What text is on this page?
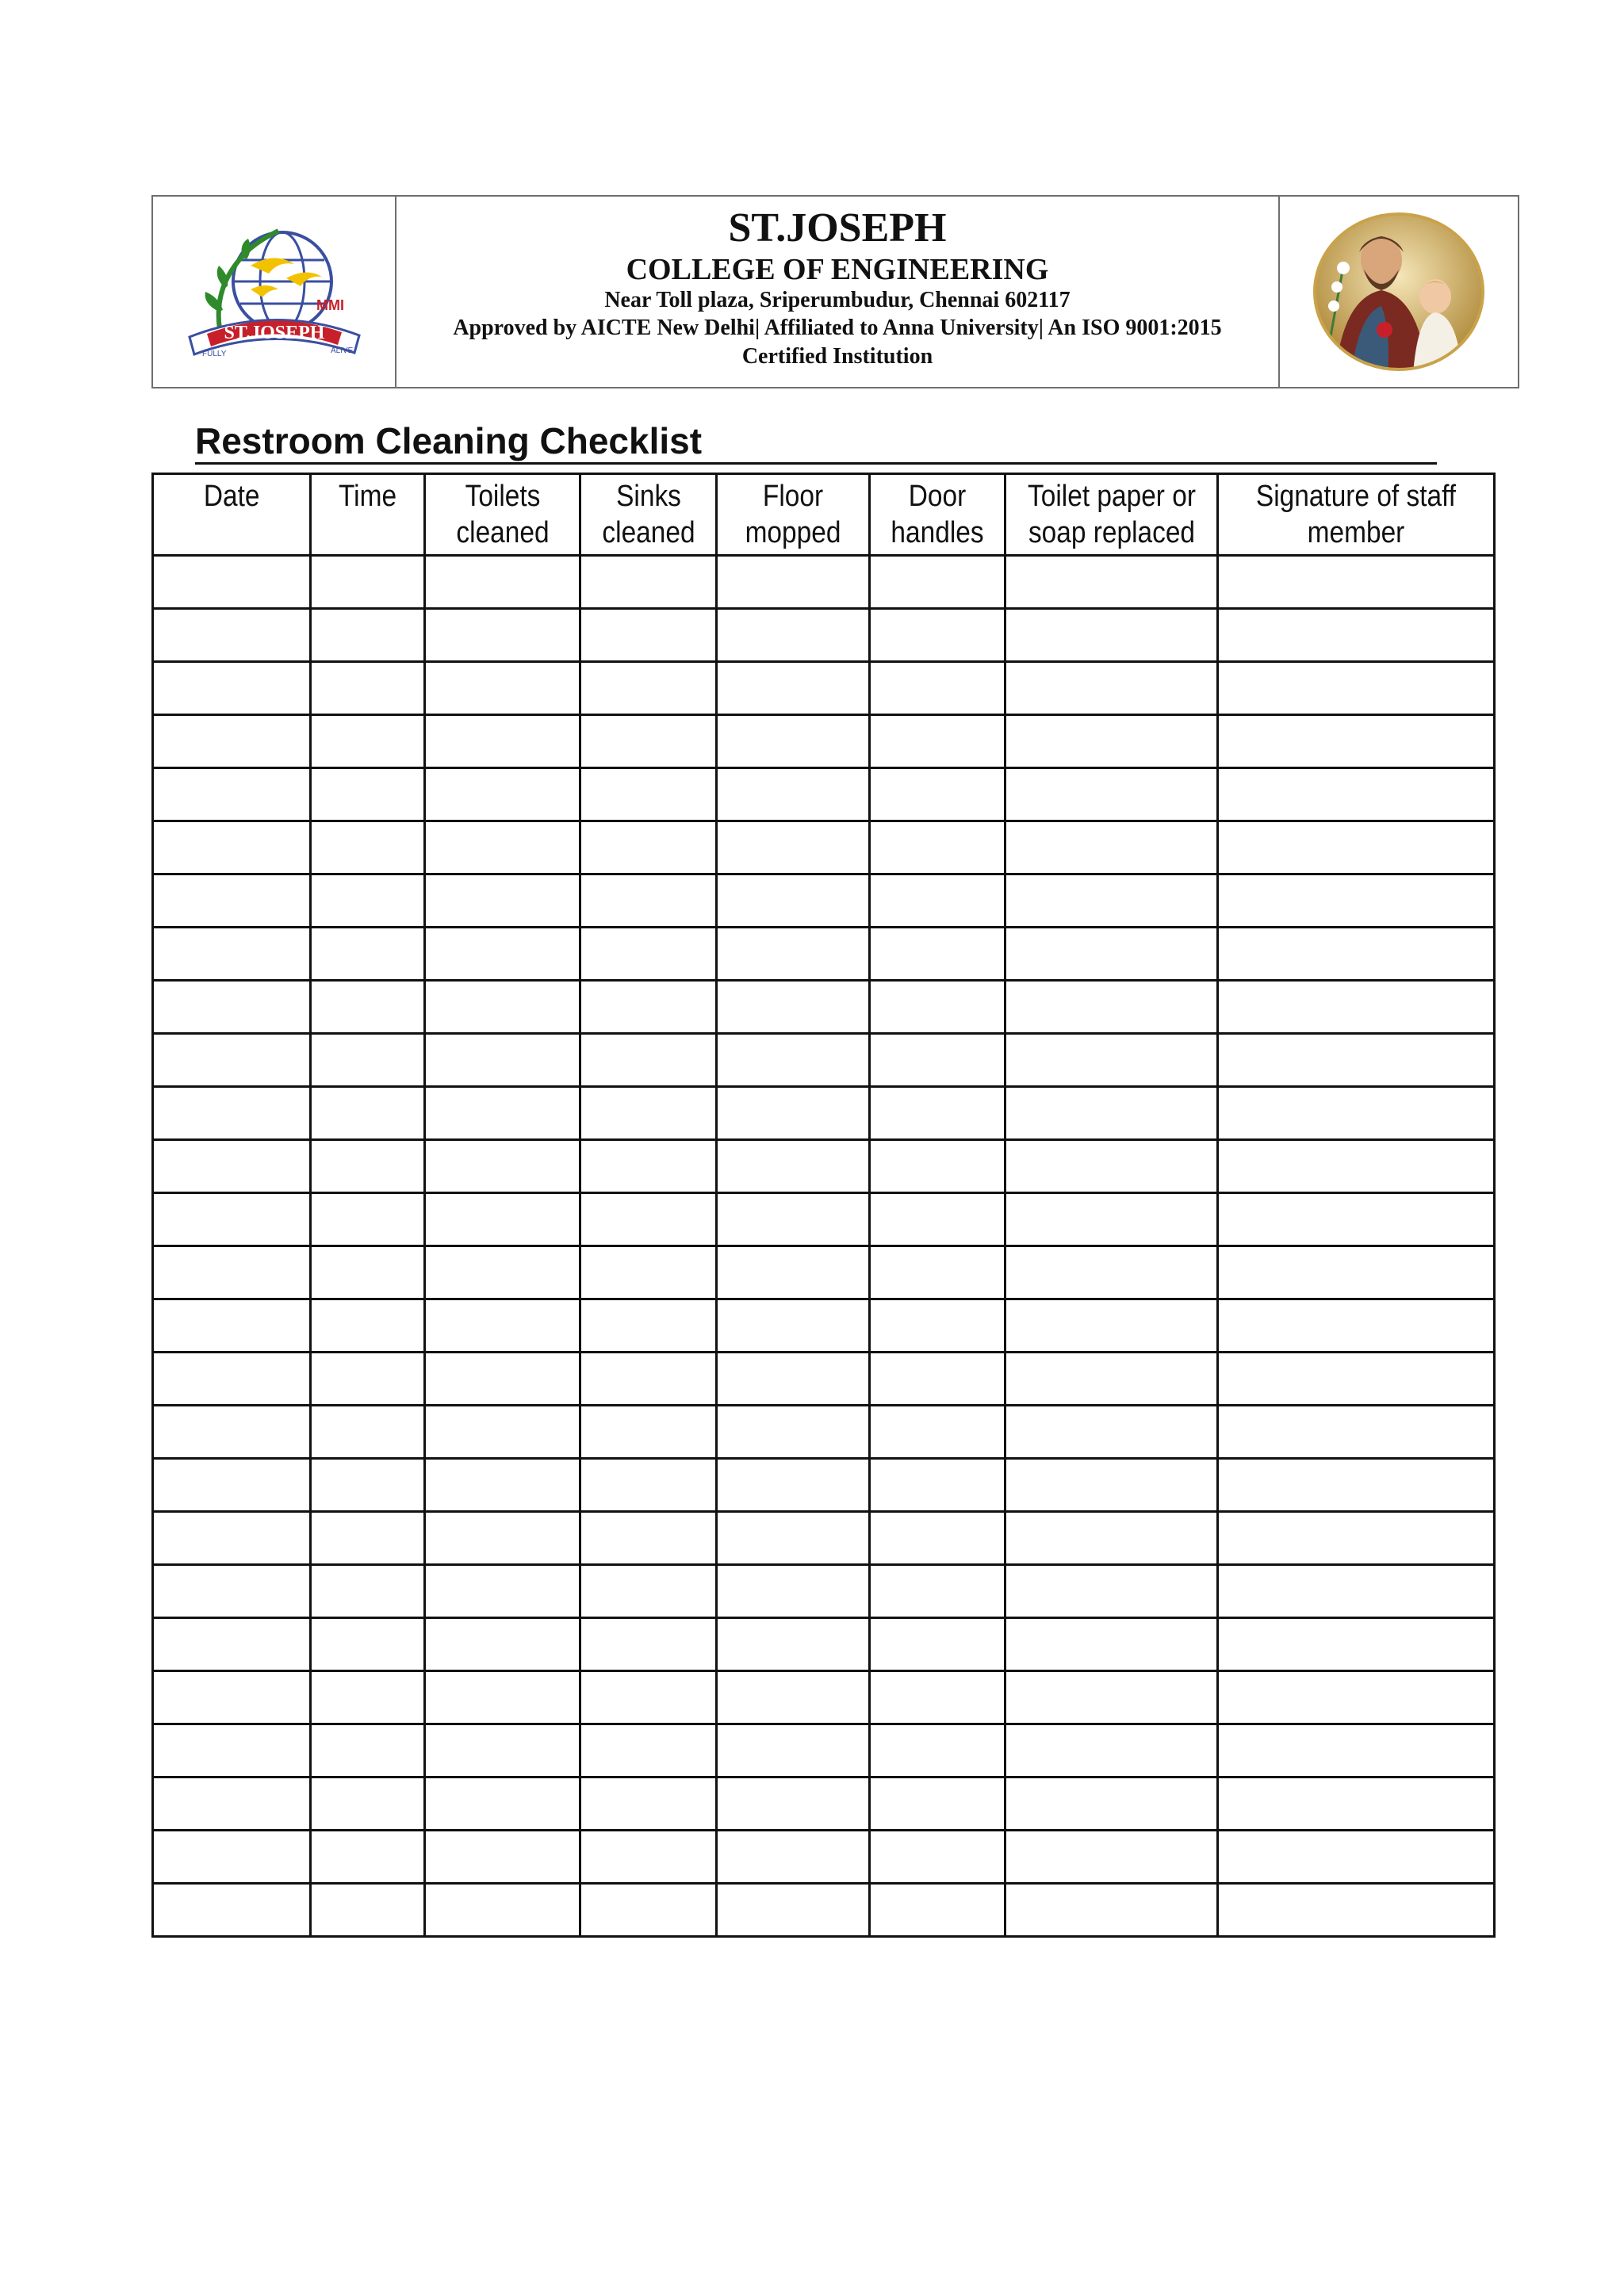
MMI
ST.JOSEPH
FULLY	ALIVE
ST.JOSEPH
COLLEGE OF ENGINEERING
Near Toll plaza, Sriperumbudur, Chennai 602117
Approved by AICTE New Delhi| Affiliated to Anna University| An ISO 9001:2015
Certified Institution
Restroom Cleaning Checklist
Date	Time	Toilets cleaned	Sinks cleaned	Floor mopped	Door handles	Toilet paper or soap replaced	Signature of staff member
